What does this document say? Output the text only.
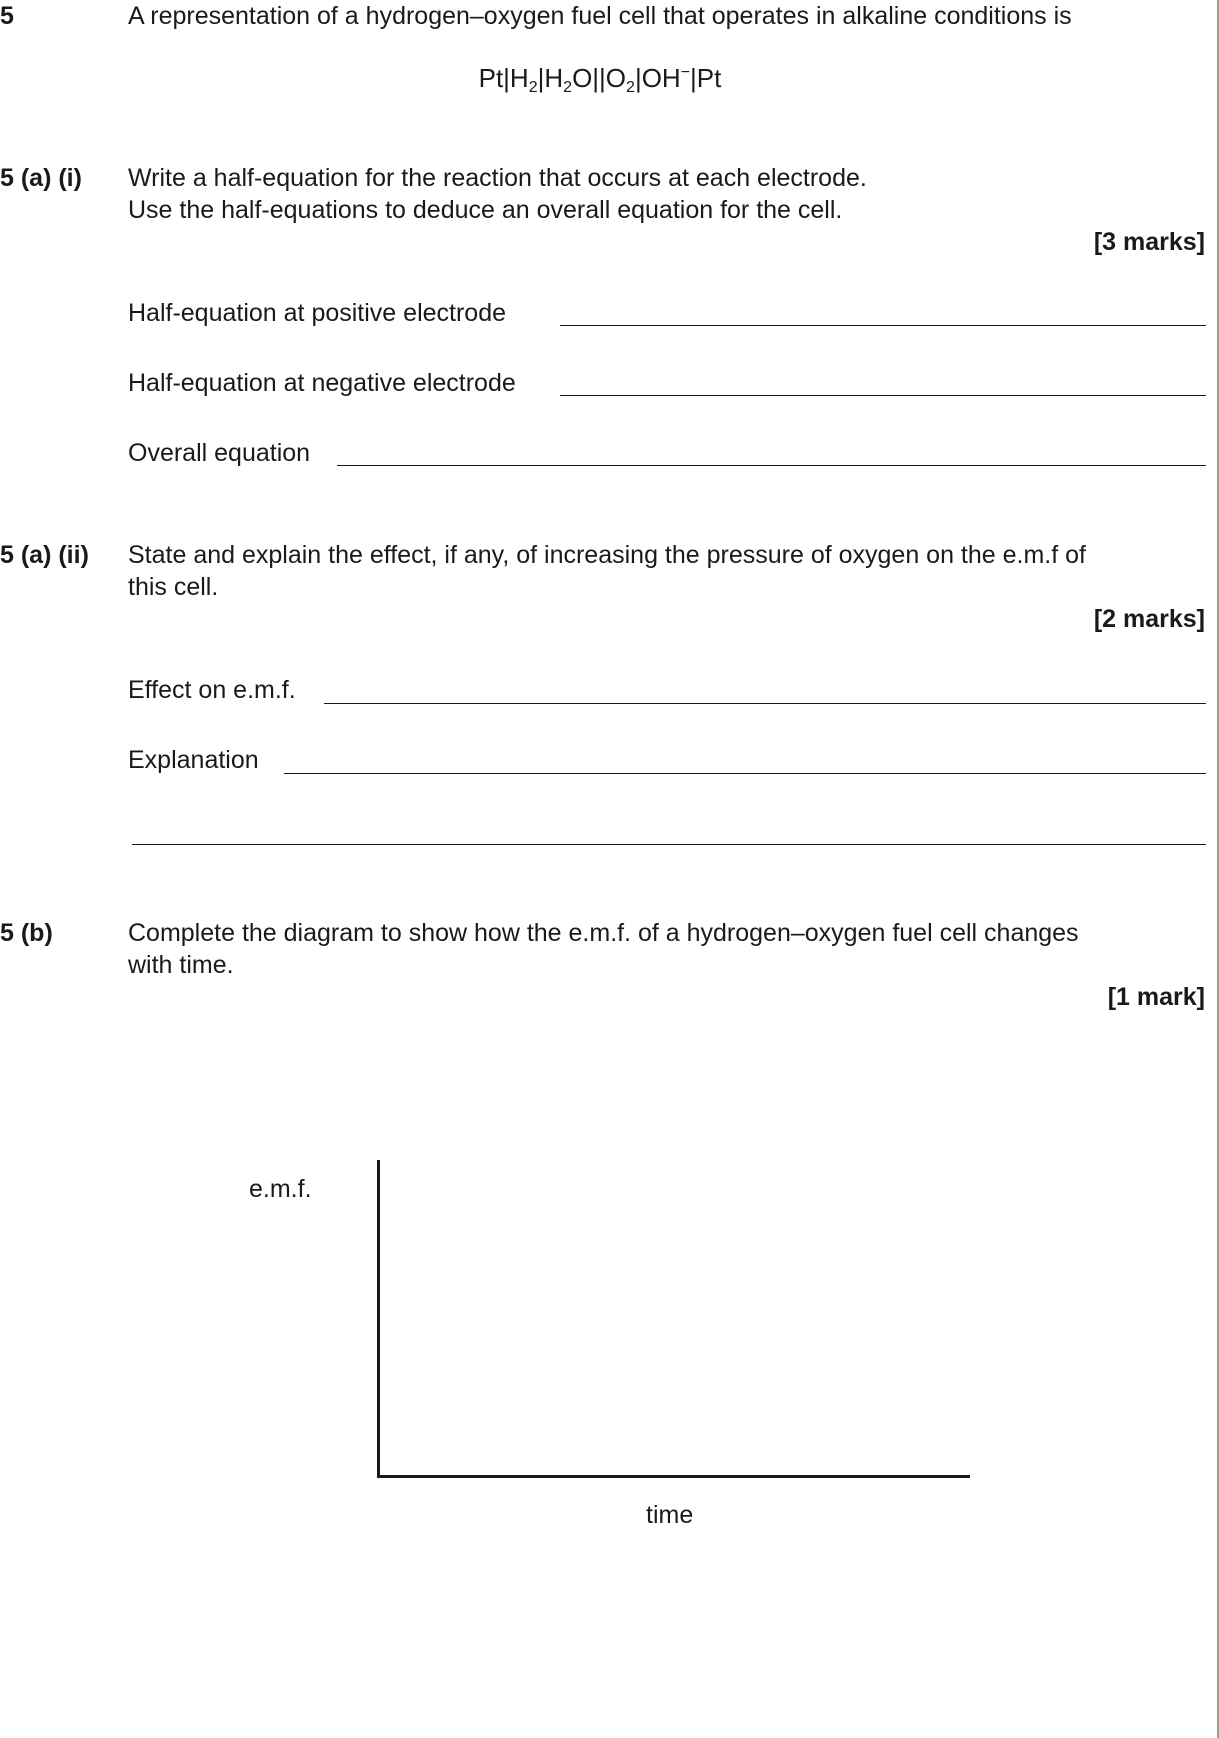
5	A representation of a hydrogen–oxygen fuel cell that operates in alkaline conditions is
$Pt|H_2|H_2O||O_2|OH^-|Pt$
5 (a) (i) Write a half-equation for the reaction that occurs at each electrode.
Use the half-equations to deduce an overall equation for the cell.
[3 marks]
Half-equation at positive electrode
Half-equation at negative electrode
Overall equation
5 (a) (ii) State and explain the effect, if any, of increasing the pressure of oxygen on the e.m.f of
this cell.
[2 marks]
Effect on e.m.f.
Explanation
5 (b)	Complete the diagram to show how the e.m.f. of a hydrogen–oxygen fuel cell changes
with time.
[1 mark]
e.m.f.
time
